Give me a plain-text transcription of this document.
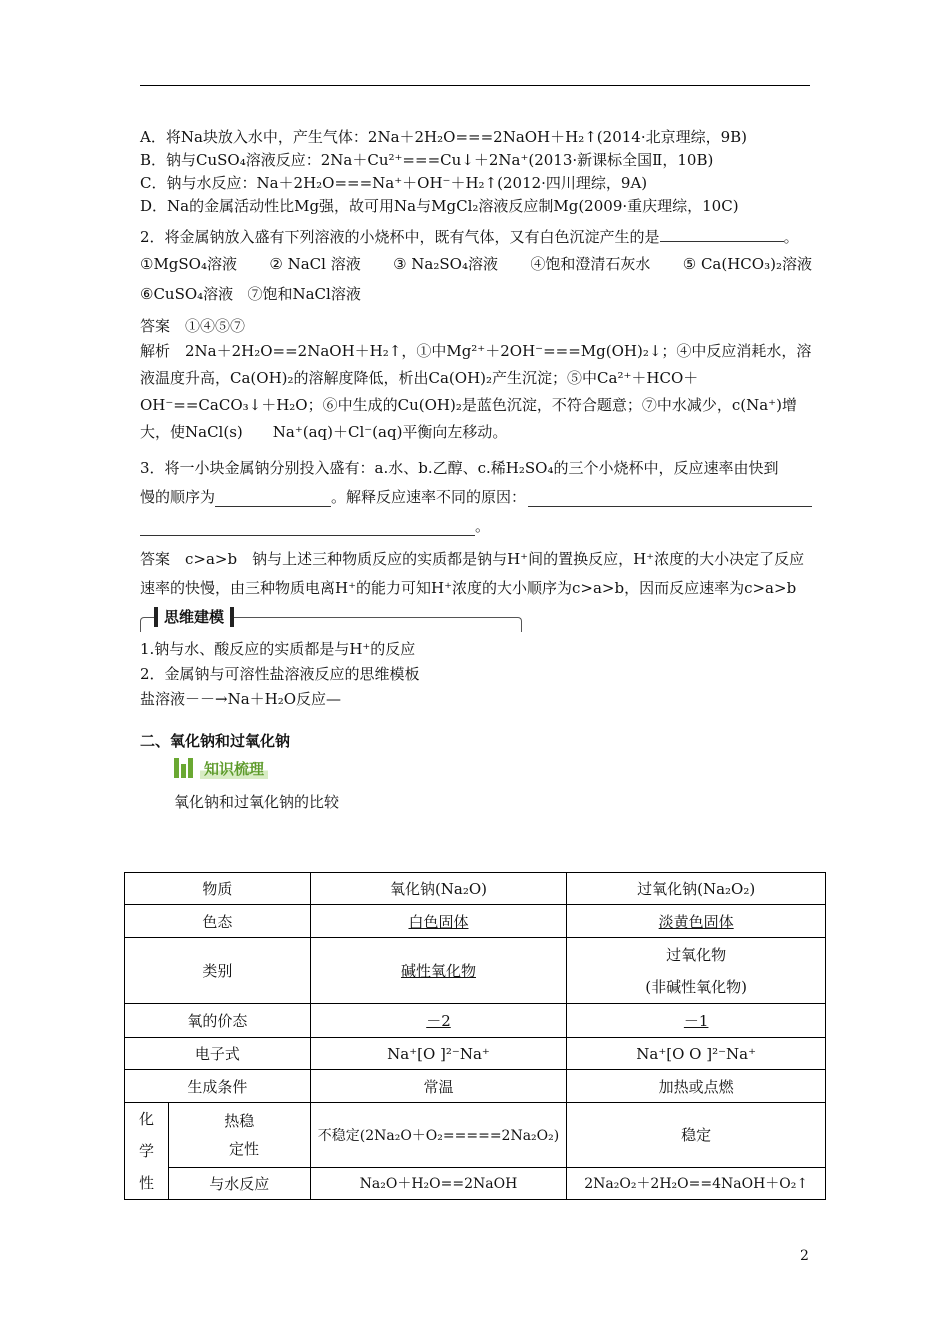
A．将Na块放入水中，产生气体：2Na＋2H₂O===2NaOH＋H₂↑(2014·北京理综，9B)

B．钠与CuSO₄溶液反应：2Na＋Cu²⁺===Cu↓＋2Na⁺(2013·新课标全国Ⅱ，10B)

C．钠与水反应：Na＋2H₂O===Na⁺＋OH⁻＋H₂↑(2012·四川理综，9A)

D．Na的金属活动性比Mg强，故可用Na与MgCl₂溶液反应制Mg(2009·重庆理综，10C)

2．将金属钠放入盛有下列溶液的小烧杯中，既有气体，又有白色沉淀产生的是	。

①MgSO₄溶液 ② NaCl 溶液 ③ Na₂SO₄溶液 ④饱和澄清石灰水 ⑤ Ca(HCO₃)₂溶液
⑥CuSO₄溶液 ⑦饱和NaCl溶液

答案　①④⑤⑦

解析　2Na＋2H₂O==2NaOH＋H₂↑，①中Mg²⁺＋2OH⁻===Mg(OH)₂↓；④中反应消耗水，溶液温度升高，Ca(OH)₂的溶解度降低，析出Ca(OH)₂产生沉淀；⑤中Ca²⁺＋HCO＋OH⁻==CaCO₃↓＋H₂O；⑥中生成的Cu(OH)₂是蓝色沉淀，不符合题意；⑦中水减少，c(Na⁺)增大，使NaCl(s)　　Na⁺(aq)＋Cl⁻(aq)平衡向左移动。

3．将一小块金属钠分别投入盛有：a.水、b.乙醇、c.稀H₂SO₄的三个小烧杯中，反应速率由快到

慢的顺序为	。解释反应速率不同的原因：
。

答案　c>a>b　钠与上述三种物质反应的实质都是钠与H⁺间的置换反应，H⁺浓度的大小决定了反应速率的快慢，由三种物质电离H⁺的能力可知H⁺浓度的大小顺序为c>a>b，因而反应速率为c>a>b

思维建模

1.钠与水、酸反应的实质都是与H⁺的反应

2．金属钠与可溶性盐溶液反应的思维模板

盐溶液－－→Na＋H₂O反应—

二、氧化钠和过氧化钠

知识梳理

氧化钠和过氧化钠的比较

物质		氧化钠(Na₂O)	过氧化钠(Na₂O₂)
色态		白色固体	淡黄色固体
类别		碱性氧化物	过氧化物
(非碱性氧化物)
氧的价态		－2	－1
电子式		Na⁺[O ]²⁻Na⁺	Na⁺[O O ]²⁻Na⁺
生成条件		常温	加热或点燃
化
学
性	热稳
定性	不稳定(2Na₂O＋O₂=====2Na₂O₂)	稳定
	与水反应	Na₂O＋H₂O==2NaOH	2Na₂O₂＋2H₂O==4NaOH＋O₂↑
2
